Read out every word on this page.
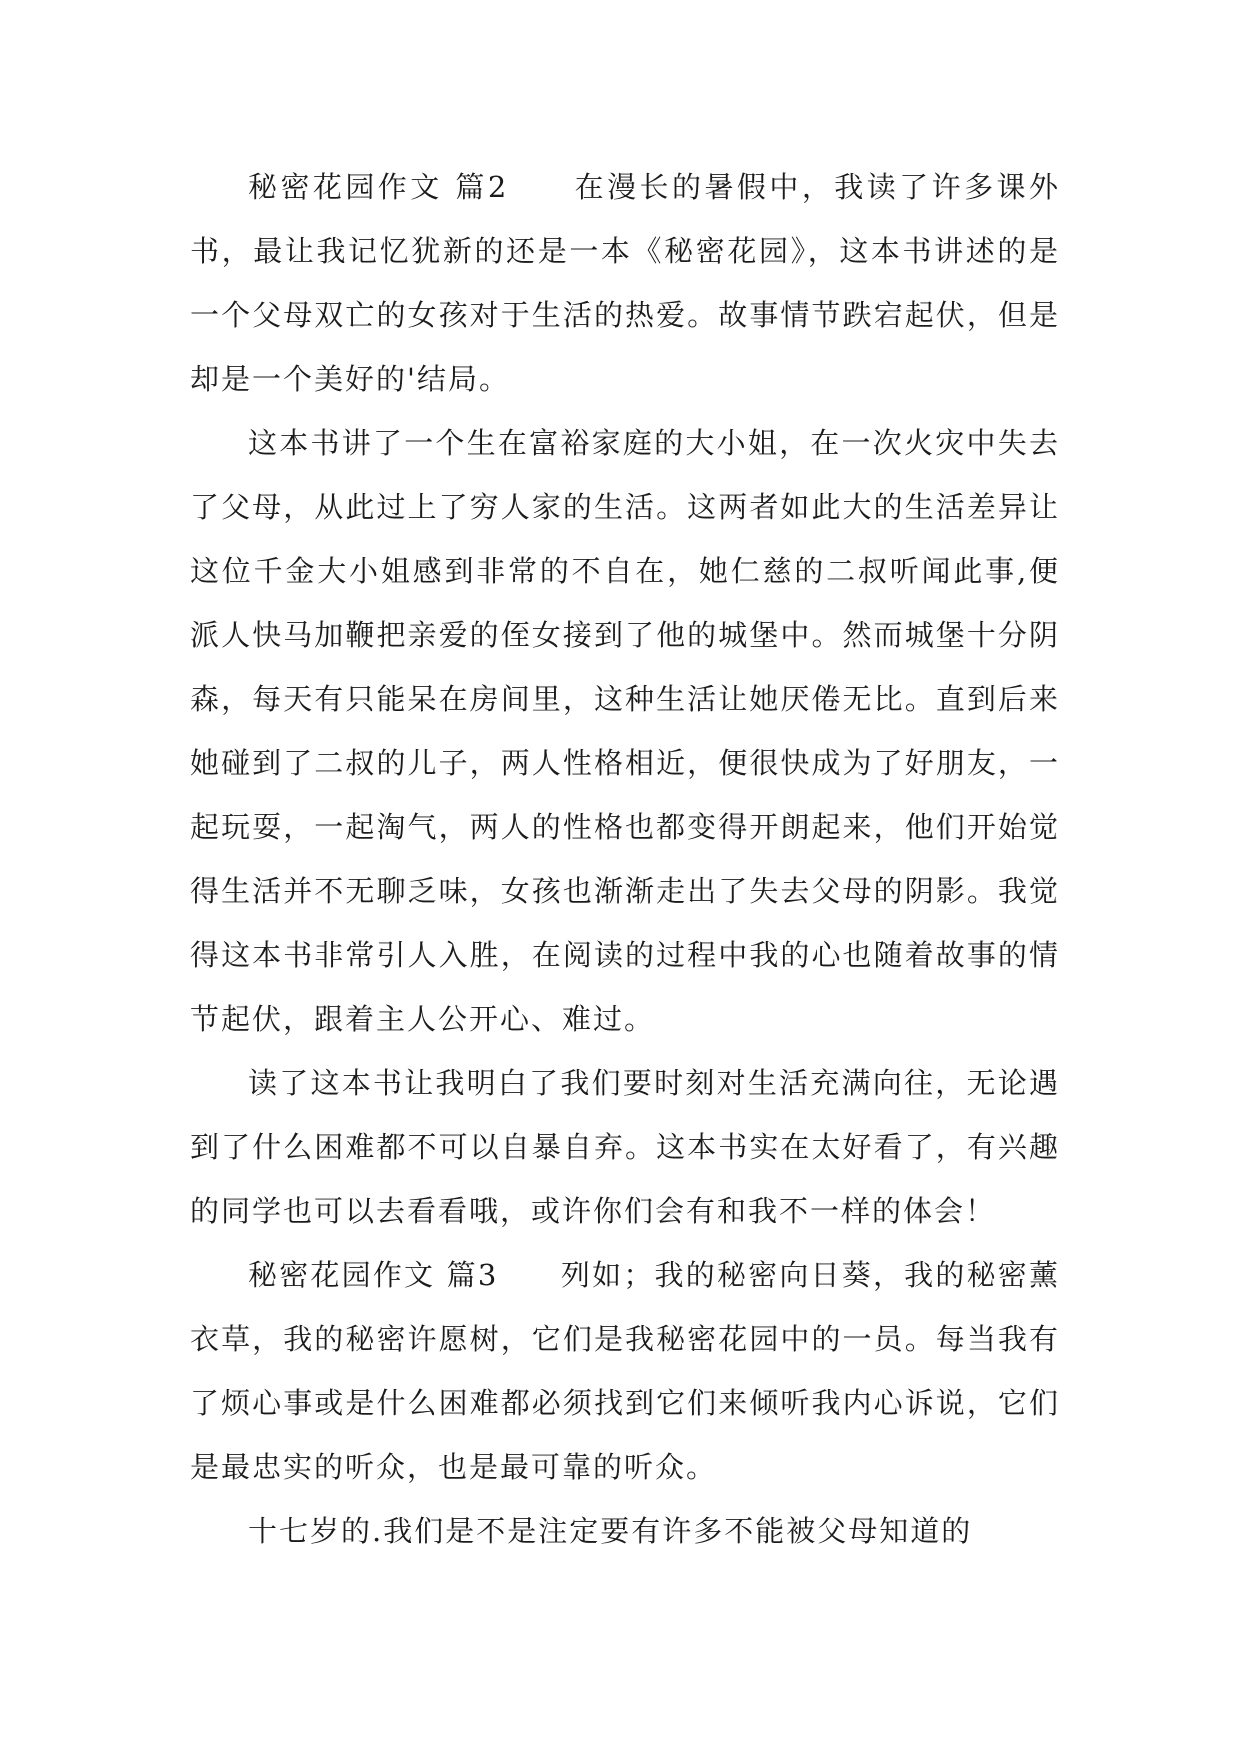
秘密花园作文 篇2　　在漫长的暑假中，我读了许多课外书，最让我记忆犹新的还是一本《秘密花园》，这本书讲述的是一个父母双亡的女孩对于生活的热爱。故事情节跌宕起伏，但是却是一个美好的'结局。

这本书讲了一个生在富裕家庭的大小姐，在一次火灾中失去了父母，从此过上了穷人家的生活。这两者如此大的生活差异让这位千金大小姐感到非常的不自在，她仁慈的二叔听闻此事,便派人快马加鞭把亲爱的侄女接到了他的城堡中。然而城堡十分阴森，每天有只能呆在房间里，这种生活让她厌倦无比。直到后来她碰到了二叔的儿子，两人性格相近，便很快成为了好朋友，一起玩耍，一起淘气，两人的性格也都变得开朗起来，他们开始觉得生活并不无聊乏味，女孩也渐渐走出了失去父母的阴影。我觉得这本书非常引人入胜，在阅读的过程中我的心也随着故事的情节起伏，跟着主人公开心、难过。

读了这本书让我明白了我们要时刻对生活充满向往，无论遇到了什么困难都不可以自暴自弃。这本书实在太好看了，有兴趣的同学也可以去看看哦，或许你们会有和我不一样的体会！

秘密花园作文 篇3　　列如；我的秘密向日葵，我的秘密薰衣草，我的秘密许愿树，它们是我秘密花园中的一员。每当我有了烦心事或是什么困难都必须找到它们来倾听我内心诉说，它们是最忠实的听众，也是最可靠的听众。

十七岁的.我们是不是注定要有许多不能被父母知道的
